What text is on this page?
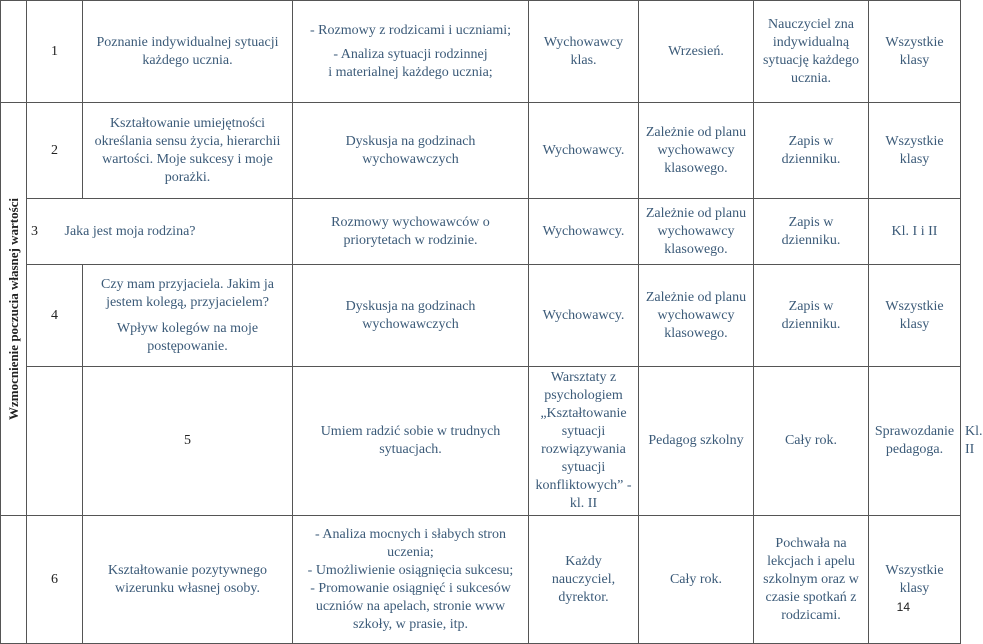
	1	Poznanie indywidualnej sytuacji każdego ucznia.	- Rozmowy z rodzicami i uczniami;
- Analiza sytuacji rodzinnej
i materialnej każdego ucznia;	Wychowawcy klas.	Wrzesień.	Nauczyciel zna indywidualną sytuację każdego ucznia.	Wszystkie klasy	

Wzmocnienie poczucia własnej wartości	2	Kształtowanie umiejętności określania sensu życia, hierarchii wartości. Moje sukcesy i moje porażki.	Dyskusja na godzinach wychowawczych	Wychowawcy.	Zależnie od planu wychowawcy klasowego.	Zapis w dzienniku.	Wszystkie klasy	
	3 Jaka jest moja rodzina?		Rozmowy wychowawców o priorytetach w rodzinie.	Wychowawcy.	Zależnie od planu wychowawcy klasowego.	Zapis w dzienniku.	Kl. I i II	
	4	Czy mam przyjaciela. Jakim ja jestem kolegą, przyjacielem?
Wpływ kolegów na moje postępowanie.	Dyskusja na godzinach wychowawczych	Wychowawcy.	Zależnie od planu wychowawcy klasowego.	Zapis w dzienniku.	Wszystkie klasy	
		5	Umiem radzić sobie w trudnych sytuacjach.	Warsztaty z psychologiem
„Kształtowanie sytuacji rozwiązywania sytuacji konfliktowych” - kl. II	Pedagog szkolny	Cały rok.	Sprawozdanie pedagoga.	Kl. II
	6	Kształtowanie pozytywnego wizerunku własnej osoby.	- Analiza mocnych i słabych stron uczenia;
- Umożliwienie osiągnięcia sukcesu;
- Promowanie osiągnięć i sukcesów uczniów na apelach, stronie www szkoły, w prasie, itp.	Każdy nauczyciel, dyrektor.	Cały rok.	Pochwała na lekcjach i apelu szkolnym oraz w czasie spotkań z rodzicami.	Wszystkie klasy	
14
